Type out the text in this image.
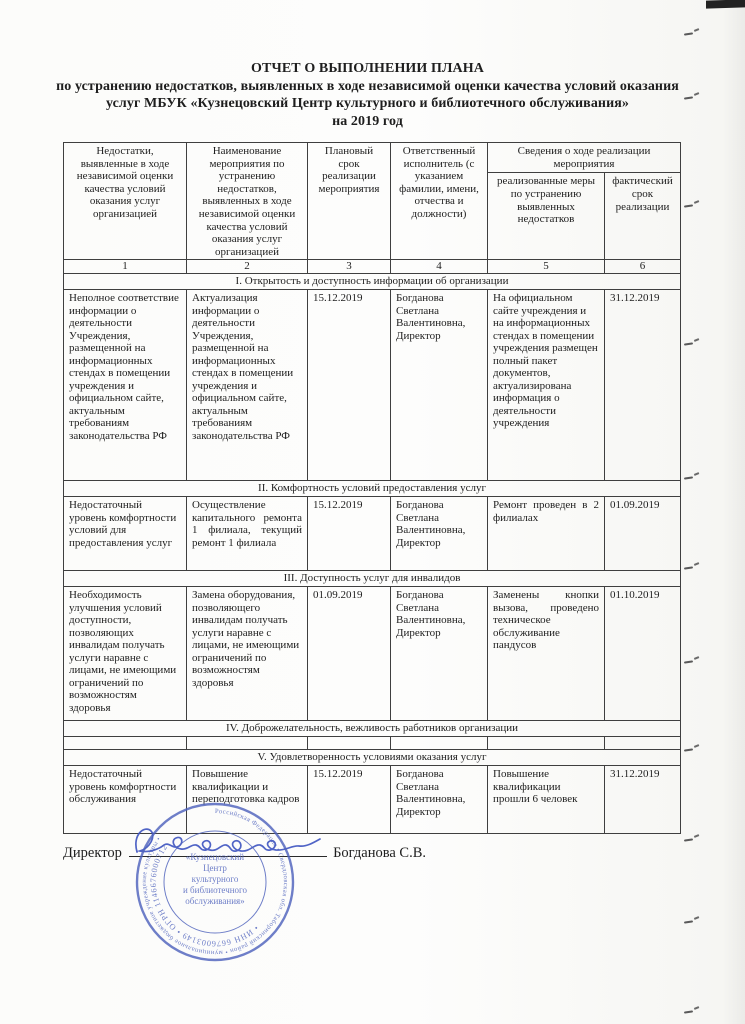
ОТЧЕТ О ВЫПОЛНЕНИИ ПЛАНА
по устранению недостатков, выявленных в ходе независимой оценки качества условий оказания
услуг МБУК «Кузнецовский Центр культурного и библиотечного обслуживания»
на 2019 год
Недостатки, выявленные в ходе независимой оценки качества условий оказания услуг организацией	Наименование мероприятия по устранению недостатков, выявленных в ходе независимой оценки качества условий оказания услуг организацией	Плановый срок реализации мероприятия	Ответственный исполнитель (с указанием фамилии, имени, отчества и должности)	Сведения о ходе реализации мероприятия	
				реализованные меры по устранению выявленных недостатков	фактический срок реализации
1	2	3	4	5	6
I. Открытость и доступность информации об организации					
Неполное соответствие информации о деятельности Учреждения, размещенной на информационных стендах в помещении учреждения и официальном сайте, актуальным требованиям законодательства РФ	Актуализация информации о деятельности Учреждения, размещенной на информационных стендах в помещении учреждения и официальном сайте, актуальным требованиям законодательства РФ	15.12.2019	Богданова Светлана Валентиновна, Директор	На официальном сайте учреждения и на информационных стендах в помещении учреждения размещен полный пакет документов, актуализирована информация о деятельности учреждения	31.12.2019
II. Комфортность условий предоставления услуг					
Недостаточный уровень комфортности условий для предоставления услуг	Осуществление капитального ремонта 1 филиала, текущий ремонт 1 филиала	15.12.2019	Богданова Светлана Валентиновна, Директор	Ремонт проведен в 2 филиалах	01.09.2019
III. Доступность услуг для инвалидов					
Необходимость улучшения условий доступности, позволяющих инвалидам получать услуги наравне с лицами, не имеющими ограничений по возможностям здоровья	Замена оборудования, позволяющего инвалидам получать услуги наравне с лицами, не имеющими ограничений по возможностям здоровья	01.09.2019	Богданова Светлана Валентиновна, Директор	Заменены кнопки вызова, проведено техническое обслуживание пандусов	01.10.2019
IV. Доброжелательность, вежливость работников организации					

V. Удовлетворенность условиями оказания услуг					
Недостаточный уровень комфортности обслуживания	Повышение квалификации и переподготовка кадров	15.12.2019	Богданова Светлана Валентиновна, Директор	Повышение квалификации прошли 6 человек	31.12.2019
Директор	Богданова С.В.
Российская Федерация • Свердловская обл. Таборинский район • муниципальное бюджетное учреждение культуры •
• ИНН 6676003149 • ОГРН 1146676000712
«Кузнецовский
Центр
культурного
и библиотечного
обслуживания»
